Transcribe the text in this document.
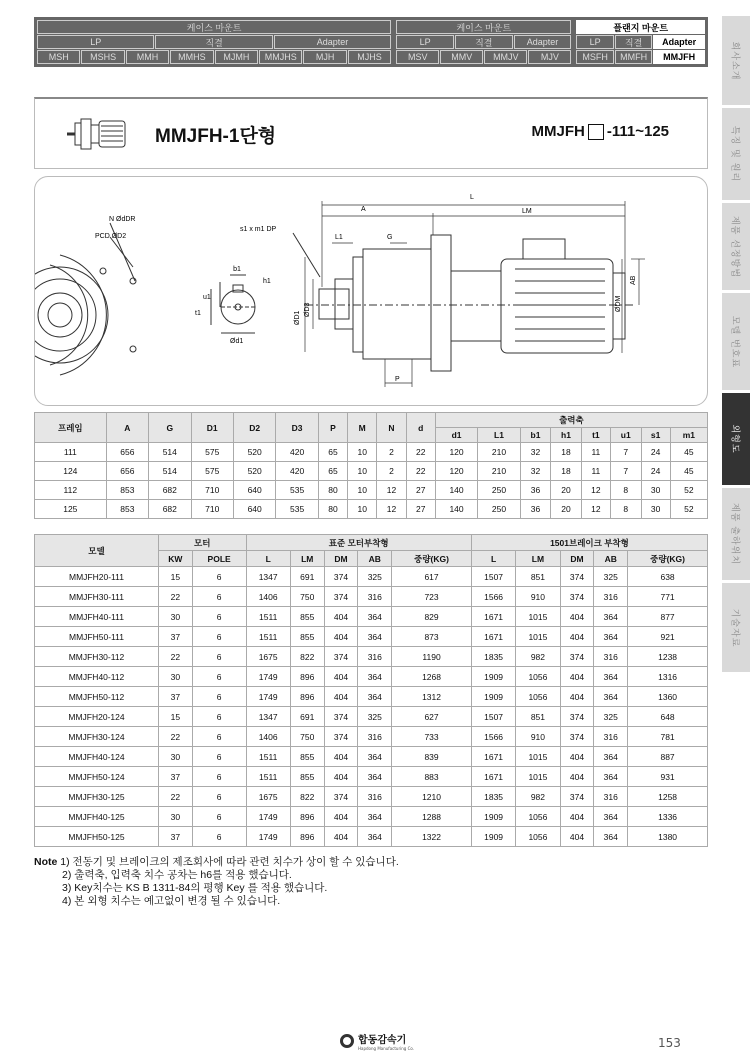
케이스 마운트	케이스 마운트	플랜지 마운트
LP	직결	Adapter	LP	직결	Adapter	LP	직결	Adapter
MSH	MSHS	MMH	MMHS	MJMH	MMJHS	MJH	MJHS	MSV	MMV	MMJV	MJV	MSFH	MMFH	MMJFH	회사소개
특징 및 원리
제품 선정방법
모델 번호표
외형도
제품 출하위치
기술자료
MMJFH-1단형	MMJFH -111~125
N ØdDR
PCD ØD2
b1
h1
u1
t1
Ød1
s1 x m1 DP
L
A	LM
L1	G
ØD1
ØD3
P
AB
ØDM
프레임	A	G	D1	D2	D3	P	M	N	d	출력축							
										d1	L1	b1	h1	t1	u1	s1	m1
111	656	514	575	520	420	65	10	2	22	120	210	32	18	11	7	24	45
124	656	514	575	520	420	65	10	2	22	120	210	32	18	11	7	24	45
112	853	682	710	640	535	80	10	12	27	140	250	36	20	12	8	30	52
125	853	682	710	640	535	80	10	12	27	140	250	36	20	12	8	30	52
모델	모터		표준 모터부착형					1501브레이크 부착형				
	KW	POLE	L	LM	DM	AB	중량(KG)	L	LM	DM	AB	중량(KG)
MMJFH20-111	15	6	1347	691	374	325	617	1507	851	374	325	638
MMJFH30-111	22	6	1406	750	374	316	723	1566	910	374	316	771
MMJFH40-111	30	6	1511	855	404	364	829	1671	1015	404	364	877
MMJFH50-111	37	6	1511	855	404	364	873	1671	1015	404	364	921
MMJFH30-112	22	6	1675	822	374	316	1190	1835	982	374	316	1238
MMJFH40-112	30	6	1749	896	404	364	1268	1909	1056	404	364	1316
MMJFH50-112	37	6	1749	896	404	364	1312	1909	1056	404	364	1360
MMJFH20-124	15	6	1347	691	374	325	627	1507	851	374	325	648
MMJFH30-124	22	6	1406	750	374	316	733	1566	910	374	316	781
MMJFH40-124	30	6	1511	855	404	364	839	1671	1015	404	364	887
MMJFH50-124	37	6	1511	855	404	364	883	1671	1015	404	364	931
MMJFH30-125	22	6	1675	822	374	316	1210	1835	982	374	316	1258
MMJFH40-125	30	6	1749	896	404	364	1288	1909	1056	404	364	1336
MMJFH50-125	37	6	1749	896	404	364	1322	1909	1056	404	364	1380
Note 1) 전동기 및 브레이크의 제조회사에 따라 관련 치수가 상이 할 수 있습니다.
2) 출력축, 입력축 치수 공차는 h6를 적용 했습니다.
3) Key치수는 KS B 1311-84의 평행 Key 를 적용 했습니다.
4) 본 외형 치수는 예고없이 변경 될 수 있습니다.
합동감속기
Hapdong Manufacturing Co.	153
